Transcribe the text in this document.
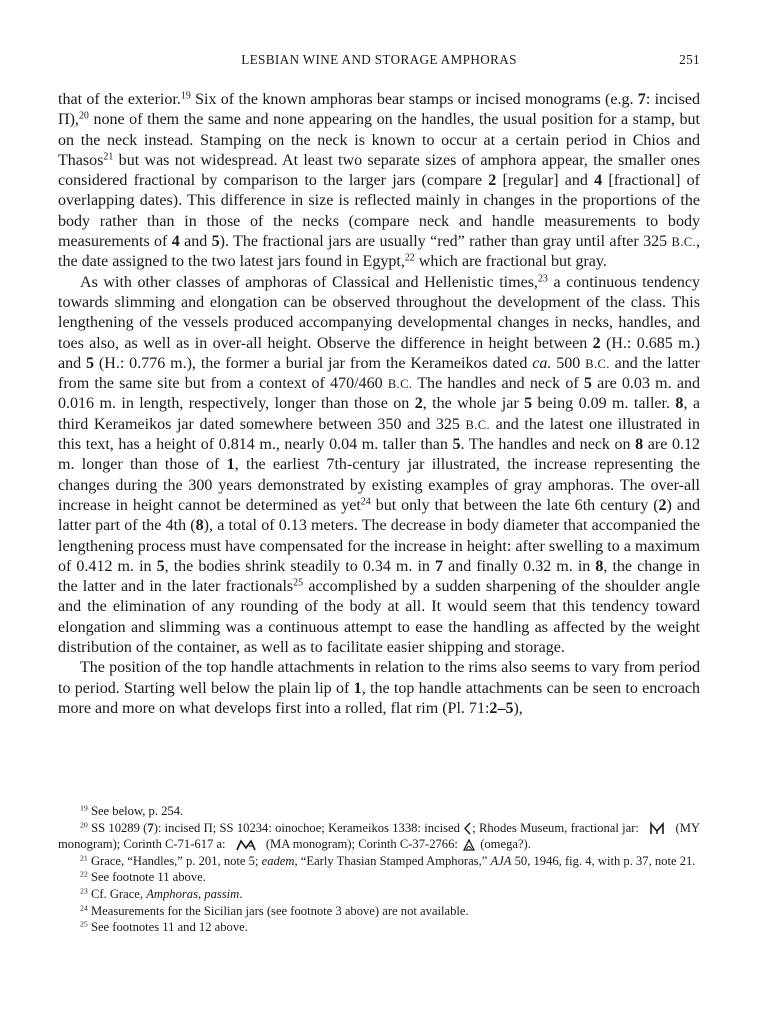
LESBIAN WINE AND STORAGE AMPHORAS	251

that of the exterior.$^{19}$ Six of the known amphoras bear stamps or incised monograms (e.g. 7: incised Π),$^{20}$ none of them the same and none appearing on the handles, the usual position for a stamp, but on the neck instead. Stamping on the neck is known to occur at a certain period in Chios and Thasos$^{21}$ but was not widespread. At least two separate sizes of amphora appear, the smaller ones considered fractional by comparison to the larger jars (compare 2 [regular] and 4 [fractional] of overlapping dates). This difference in size is reflected mainly in changes in the proportions of the body rather than in those of the necks (compare neck and handle measurements to body measurements of 4 and 5). The fractional jars are usually “red” rather than gray until after 325 B.C., the date assigned to the two latest jars found in Egypt,$^{22}$ which are fractional but gray.

As with other classes of amphoras of Classical and Hellenistic times,$^{23}$ a continuous tendency towards slimming and elongation can be observed throughout the development of the class. This lengthening of the vessels produced accompanying developmental changes in necks, handles, and toes also, as well as in over-all height. Observe the difference in height between 2 (H.: 0.685 m.) and 5 (H.: 0.776 m.), the former a burial jar from the Kerameikos dated ca. 500 B.C. and the latter from the same site but from a context of 470/460 B.C. The handles and neck of 5 are 0.03 m. and 0.016 m. in length, respectively, longer than those on 2, the whole jar 5 being 0.09 m. taller. 8, a third Kerameikos jar dated somewhere between 350 and 325 B.C. and the latest one illustrated in this text, has a height of 0.814 m., nearly 0.04 m. taller than 5. The handles and neck on 8 are 0.12 m. longer than those of 1, the earliest 7th-century jar illustrated, the increase representing the changes during the 300 years demonstrated by existing examples of gray amphoras. The over-all increase in height cannot be determined as yet$^{24}$ but only that between the late 6th century (2) and latter part of the 4th (8), a total of 0.13 meters. The decrease in body diameter that accompanied the lengthening process must have compensated for the increase in height: after swelling to a maximum of 0.412 m. in 5, the bodies shrink steadily to 0.34 m. in 7 and finally 0.32 m. in 8, the change in the latter and in the later fractionals$^{25}$ accomplished by a sudden sharpening of the shoulder angle and the elimination of any rounding of the body at all. It would seem that this tendency toward elongation and slimming was a continuous attempt to ease the handling as affected by the weight distribution of the container, as well as to facilitate easier shipping and storage.

The position of the top handle attachments in relation to the rims also seems to vary from period to period. Starting well below the plain lip of 1, the top handle attachments can be seen to encroach more and more on what develops first into a rolled, flat rim (Pl. 71:2–5),

$^{19}$ See below, p. 254.

$^{20}$ SS 10289 (7): incised Π; SS 10234: oinochoe; Kerameikos 1338: incised ; Rhodes Museum, fractional jar:  (MY monogram); Corinth C-71-617 a:	(MA monogram); Corinth C-37-2766:  (omega?).

$^{21}$ Grace, “Handles,” p. 201, note 5; eadem, “Early Thasian Stamped Amphoras,” AJA 50, 1946, fig. 4, with p. 37, note 21.

$^{22}$ See footnote 11 above.

$^{23}$ Cf. Grace, Amphoras, passim.

$^{24}$ Measurements for the Sicilian jars (see footnote 3 above) are not available.

$^{25}$ See footnotes 11 and 12 above.
